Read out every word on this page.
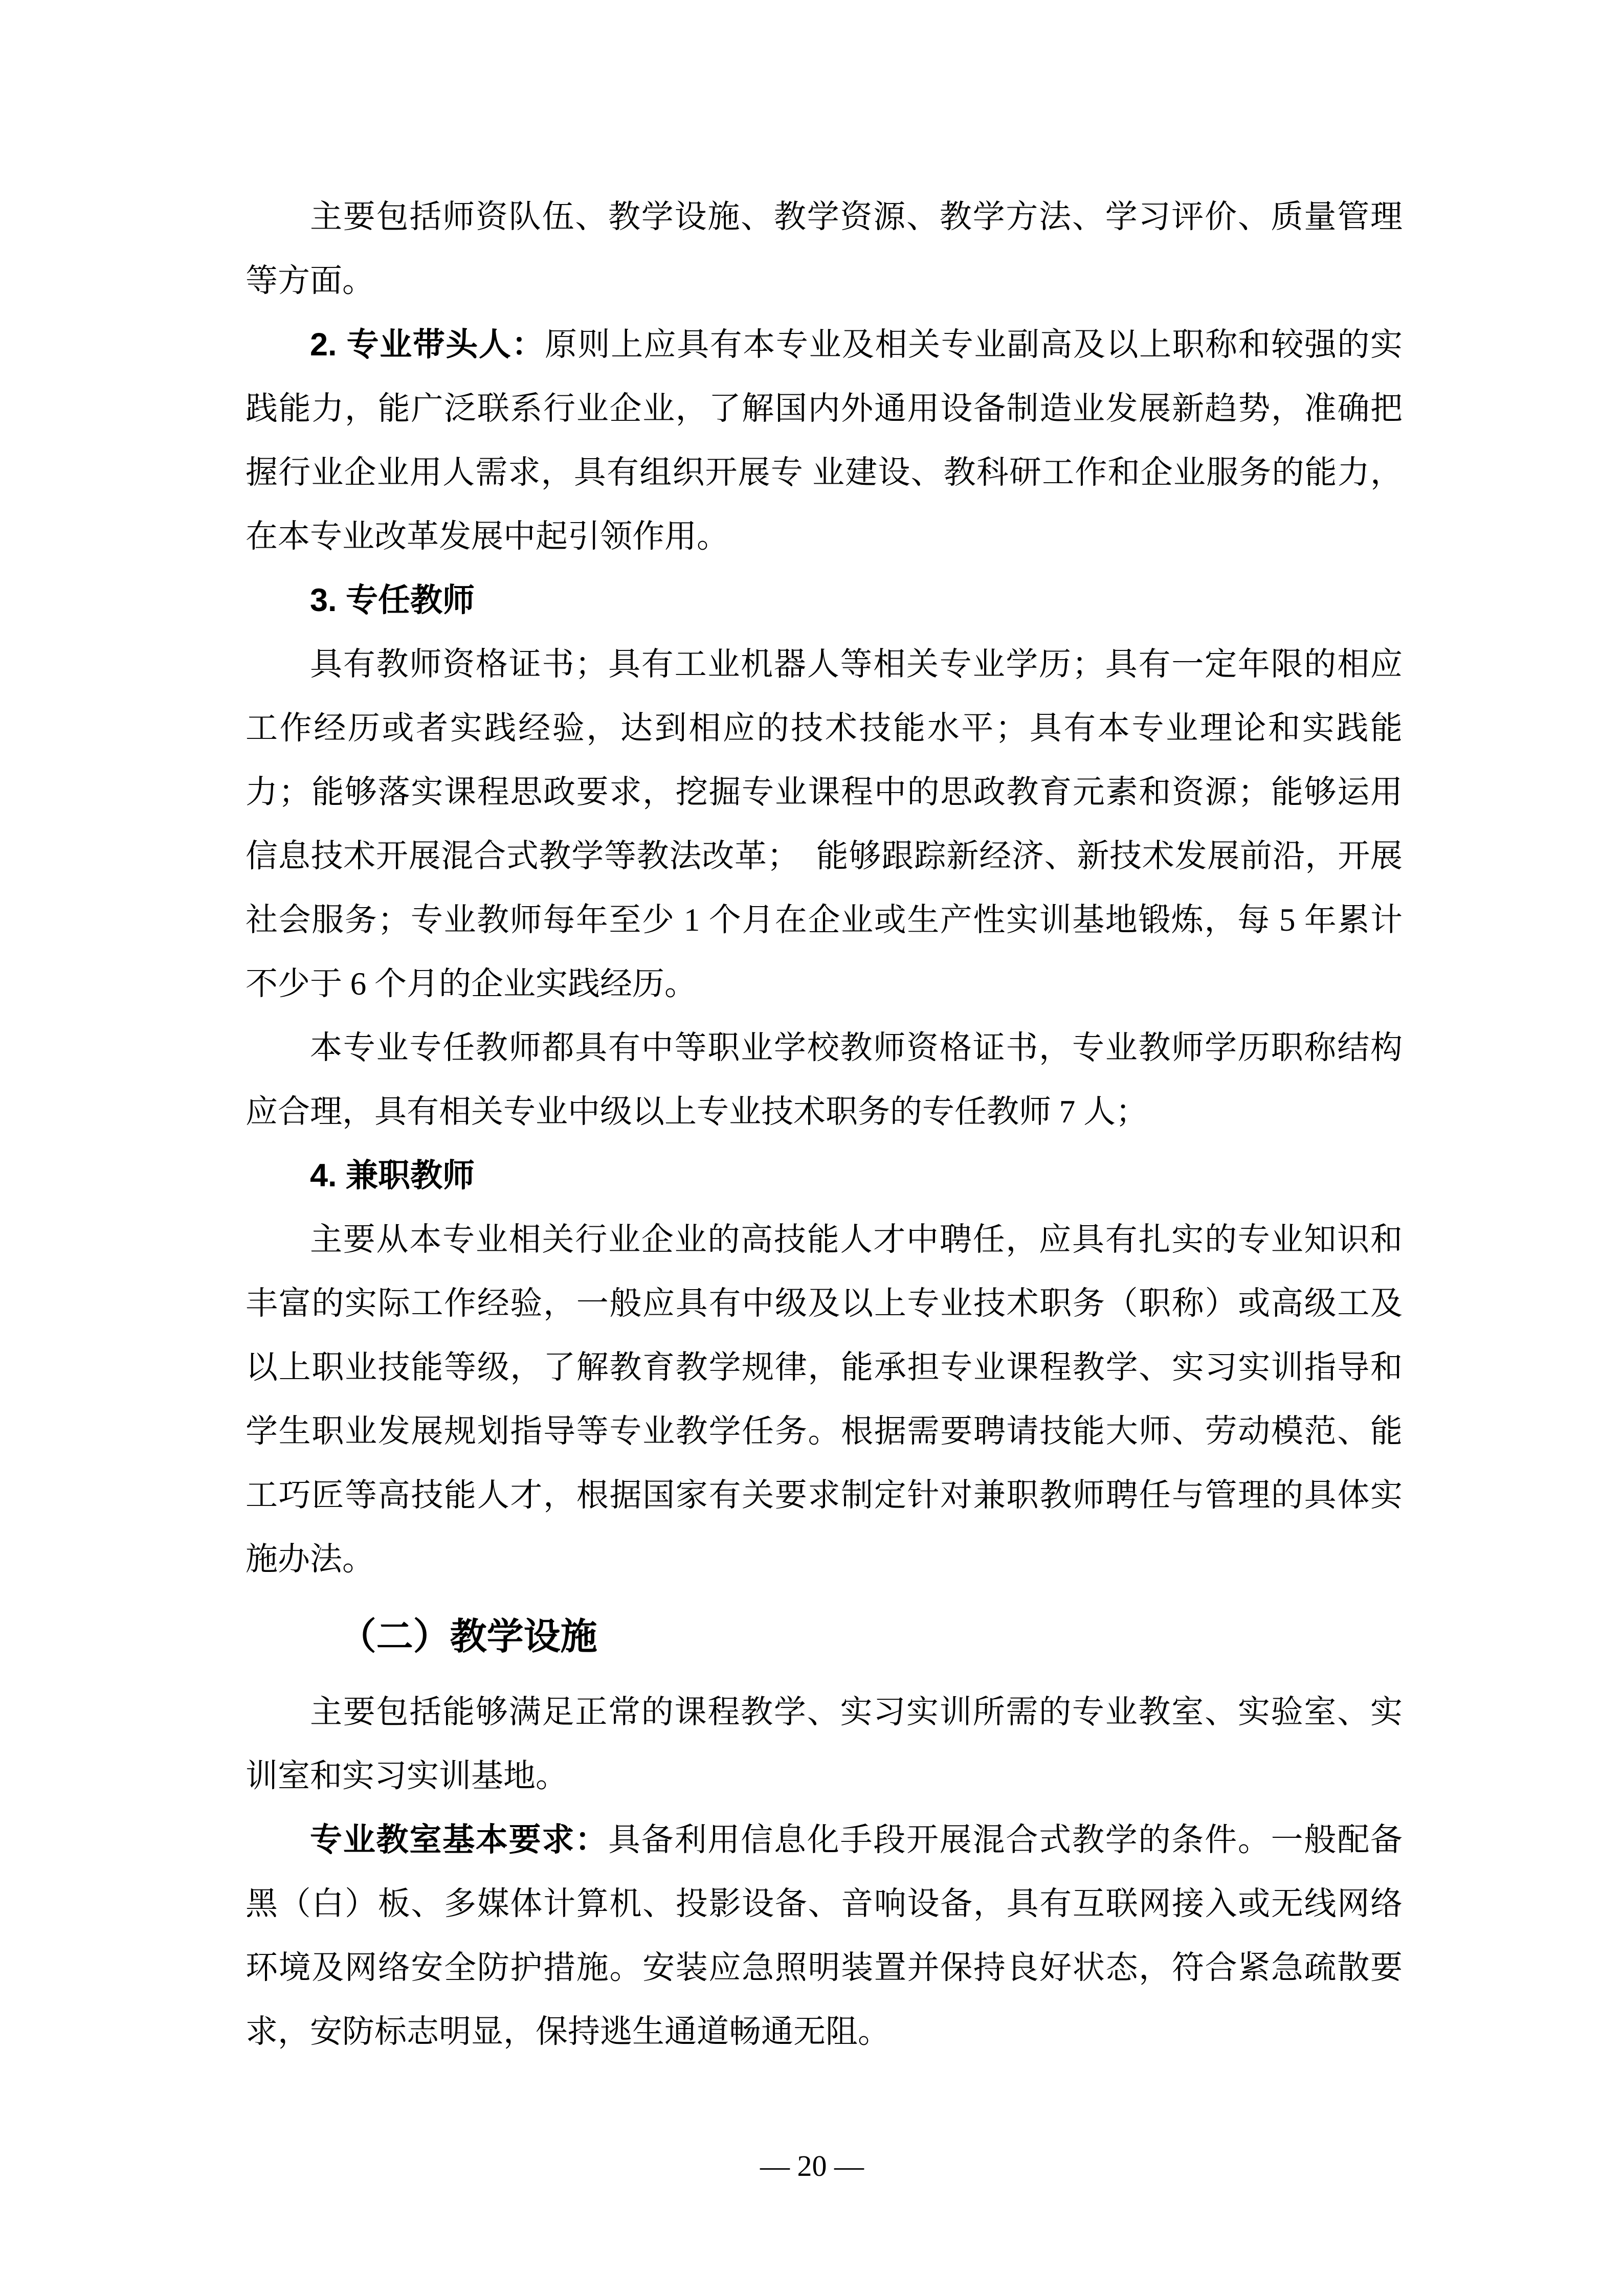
主要包括师资队伍、教学设施、教学资源、教学方法、学习评价、质量管理等方面。

2. 专业带头人：原则上应具有本专业及相关专业副高及以上职称和较强的实践能力，能广泛联系行业企业，了解国内外通用设备制造业发展新趋势，准确把握行业企业用人需求，具有组织开展专 业建设、教科研工作和企业服务的能力，在本专业改革发展中起引领作用。

3. 专任教师

具有教师资格证书；具有工业机器人等相关专业学历；具有一定年限的相应工作经历或者实践经验，达到相应的技术技能水平；具有本专业理论和实践能力；能够落实课程思政要求，挖掘专业课程中的思政教育元素和资源；能够运用信息技术开展混合式教学等教法改革；　能够跟踪新经济、新技术发展前沿，开展社会服务；专业教师每年至少 1 个月在企业或生产性实训基地锻炼，每 5 年累计不少于 6 个月的企业实践经历。

本专业专任教师都具有中等职业学校教师资格证书，专业教师学历职称结构应合理，具有相关专业中级以上专业技术职务的专任教师 7 人；

4. 兼职教师

主要从本专业相关行业企业的高技能人才中聘任，应具有扎实的专业知识和丰富的实际工作经验，一般应具有中级及以上专业技术职务（职称）或高级工及以上职业技能等级，了解教育教学规律，能承担专业课程教学、实习实训指导和学生职业发展规划指导等专业教学任务。根据需要聘请技能大师、劳动模范、能工巧匠等高技能人才，根据国家有关要求制定针对兼职教师聘任与管理的具体实施办法。

（二）教学设施

主要包括能够满足正常的课程教学、实习实训所需的专业教室、实验室、实训室和实习实训基地。

专业教室基本要求：具备利用信息化手段开展混合式教学的条件。一般配备黑（白）板、多媒体计算机、投影设备、音响设备，具有互联网接入或无线网络环境及网络安全防护措施。安装应急照明装置并保持良好状态，符合紧急疏散要求，安防标志明显，保持逃生通道畅通无阻。

— 20 —
